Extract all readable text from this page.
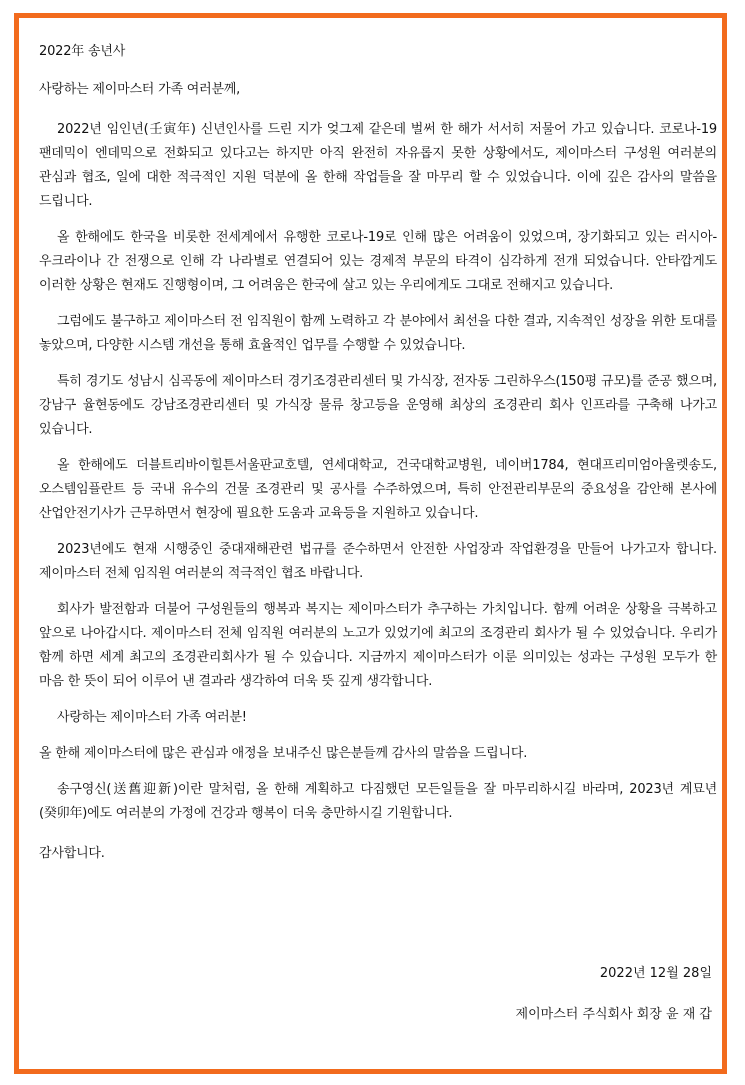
2022年 송년사

사랑하는 제이마스터 가족 여러분께,

2022년 임인년(壬寅年) 신년인사를 드린 지가 엊그제 같은데 벌써 한 해가 서서히 저물어 가고 있습니다. 코로나-19 팬데믹이 엔데믹으로 전화되고 있다고는 하지만 아직 완전히 자유롭지 못한 상황에서도, 제이마스터 구성원 여러분의 관심과 협조, 일에 대한 적극적인 지원 덕분에 올 한해 작업들을 잘 마무리 할 수 있었습니다. 이에 깊은 감사의 말씀을 드립니다.

올 한해에도 한국을 비롯한 전세계에서 유행한 코로나-19로 인해 많은 어려움이 있었으며, 장기화되고 있는 러시아-우크라이나 간 전쟁으로 인해 각 나라별로 연결되어 있는 경제적 부문의 타격이 심각하게 전개 되었습니다. 안타깝게도 이러한 상황은 현재도 진행형이며, 그 어려움은 한국에 살고 있는 우리에게도 그대로 전해지고 있습니다.

그럼에도 불구하고 제이마스터 전 임직원이 함께 노력하고 각 분야에서 최선을 다한 결과, 지속적인 성장을 위한 토대를 놓았으며, 다양한 시스템 개선을 통해 효율적인 업무를 수행할 수 있었습니다.

특히 경기도 성남시 심곡동에 제이마스터 경기조경관리센터 및 가식장, 전자동 그린하우스(150평 규모)를 준공 했으며, 강남구 율현동에도 강남조경관리센터 및 가식장 물류 창고등을 운영해 최상의 조경관리 회사 인프라를 구축해 나가고 있습니다.

올 한해에도 더블트리바이힐튼서울판교호텔, 연세대학교, 건국대학교병원, 네이버1784, 현대프리미엄아울렛송도, 오스템임플란트 등 국내 유수의 건물 조경관리 및 공사를 수주하였으며, 특히 안전관리부문의 중요성을 감안해 본사에 산업안전기사가 근무하면서 현장에 필요한 도움과 교육등을 지원하고 있습니다.

2023년에도 현재 시행중인 중대재해관련 법규를 준수하면서 안전한 사업장과 작업환경을 만들어 나가고자 합니다. 제이마스터 전체 임직원 여러분의 적극적인 협조 바랍니다.

회사가 발전함과 더불어 구성원들의 행복과 복지는 제이마스터가 추구하는 가치입니다. 함께 어려운 상황을 극복하고 앞으로 나아갑시다. 제이마스터 전체 임직원 여러분의 노고가 있었기에 최고의 조경관리 회사가 될 수 있었습니다. 우리가 함께 하면 세계 최고의 조경관리회사가 될 수 있습니다. 지금까지 제이마스터가 이룬 의미있는 성과는 구성원 모두가 한 마음 한 뜻이 되어 이루어 낸 결과라 생각하여 더욱 뜻 깊게 생각합니다.

사랑하는 제이마스터 가족 여러분!

올 한해 제이마스터에 많은 관심과 애정을 보내주신 많은분들께 감사의 말씀을 드립니다.

송구영신(送舊迎新)이란 말처럼, 올 한해 계획하고 다짐했던 모든일들을 잘 마무리하시길 바라며, 2023년 계묘년(癸卯年)에도 여러분의 가정에 건강과 행복이 더욱 충만하시길 기원합니다.

감사합니다.

2022년 12월 28일
제이마스터 주식회사 회장 윤 재 갑
